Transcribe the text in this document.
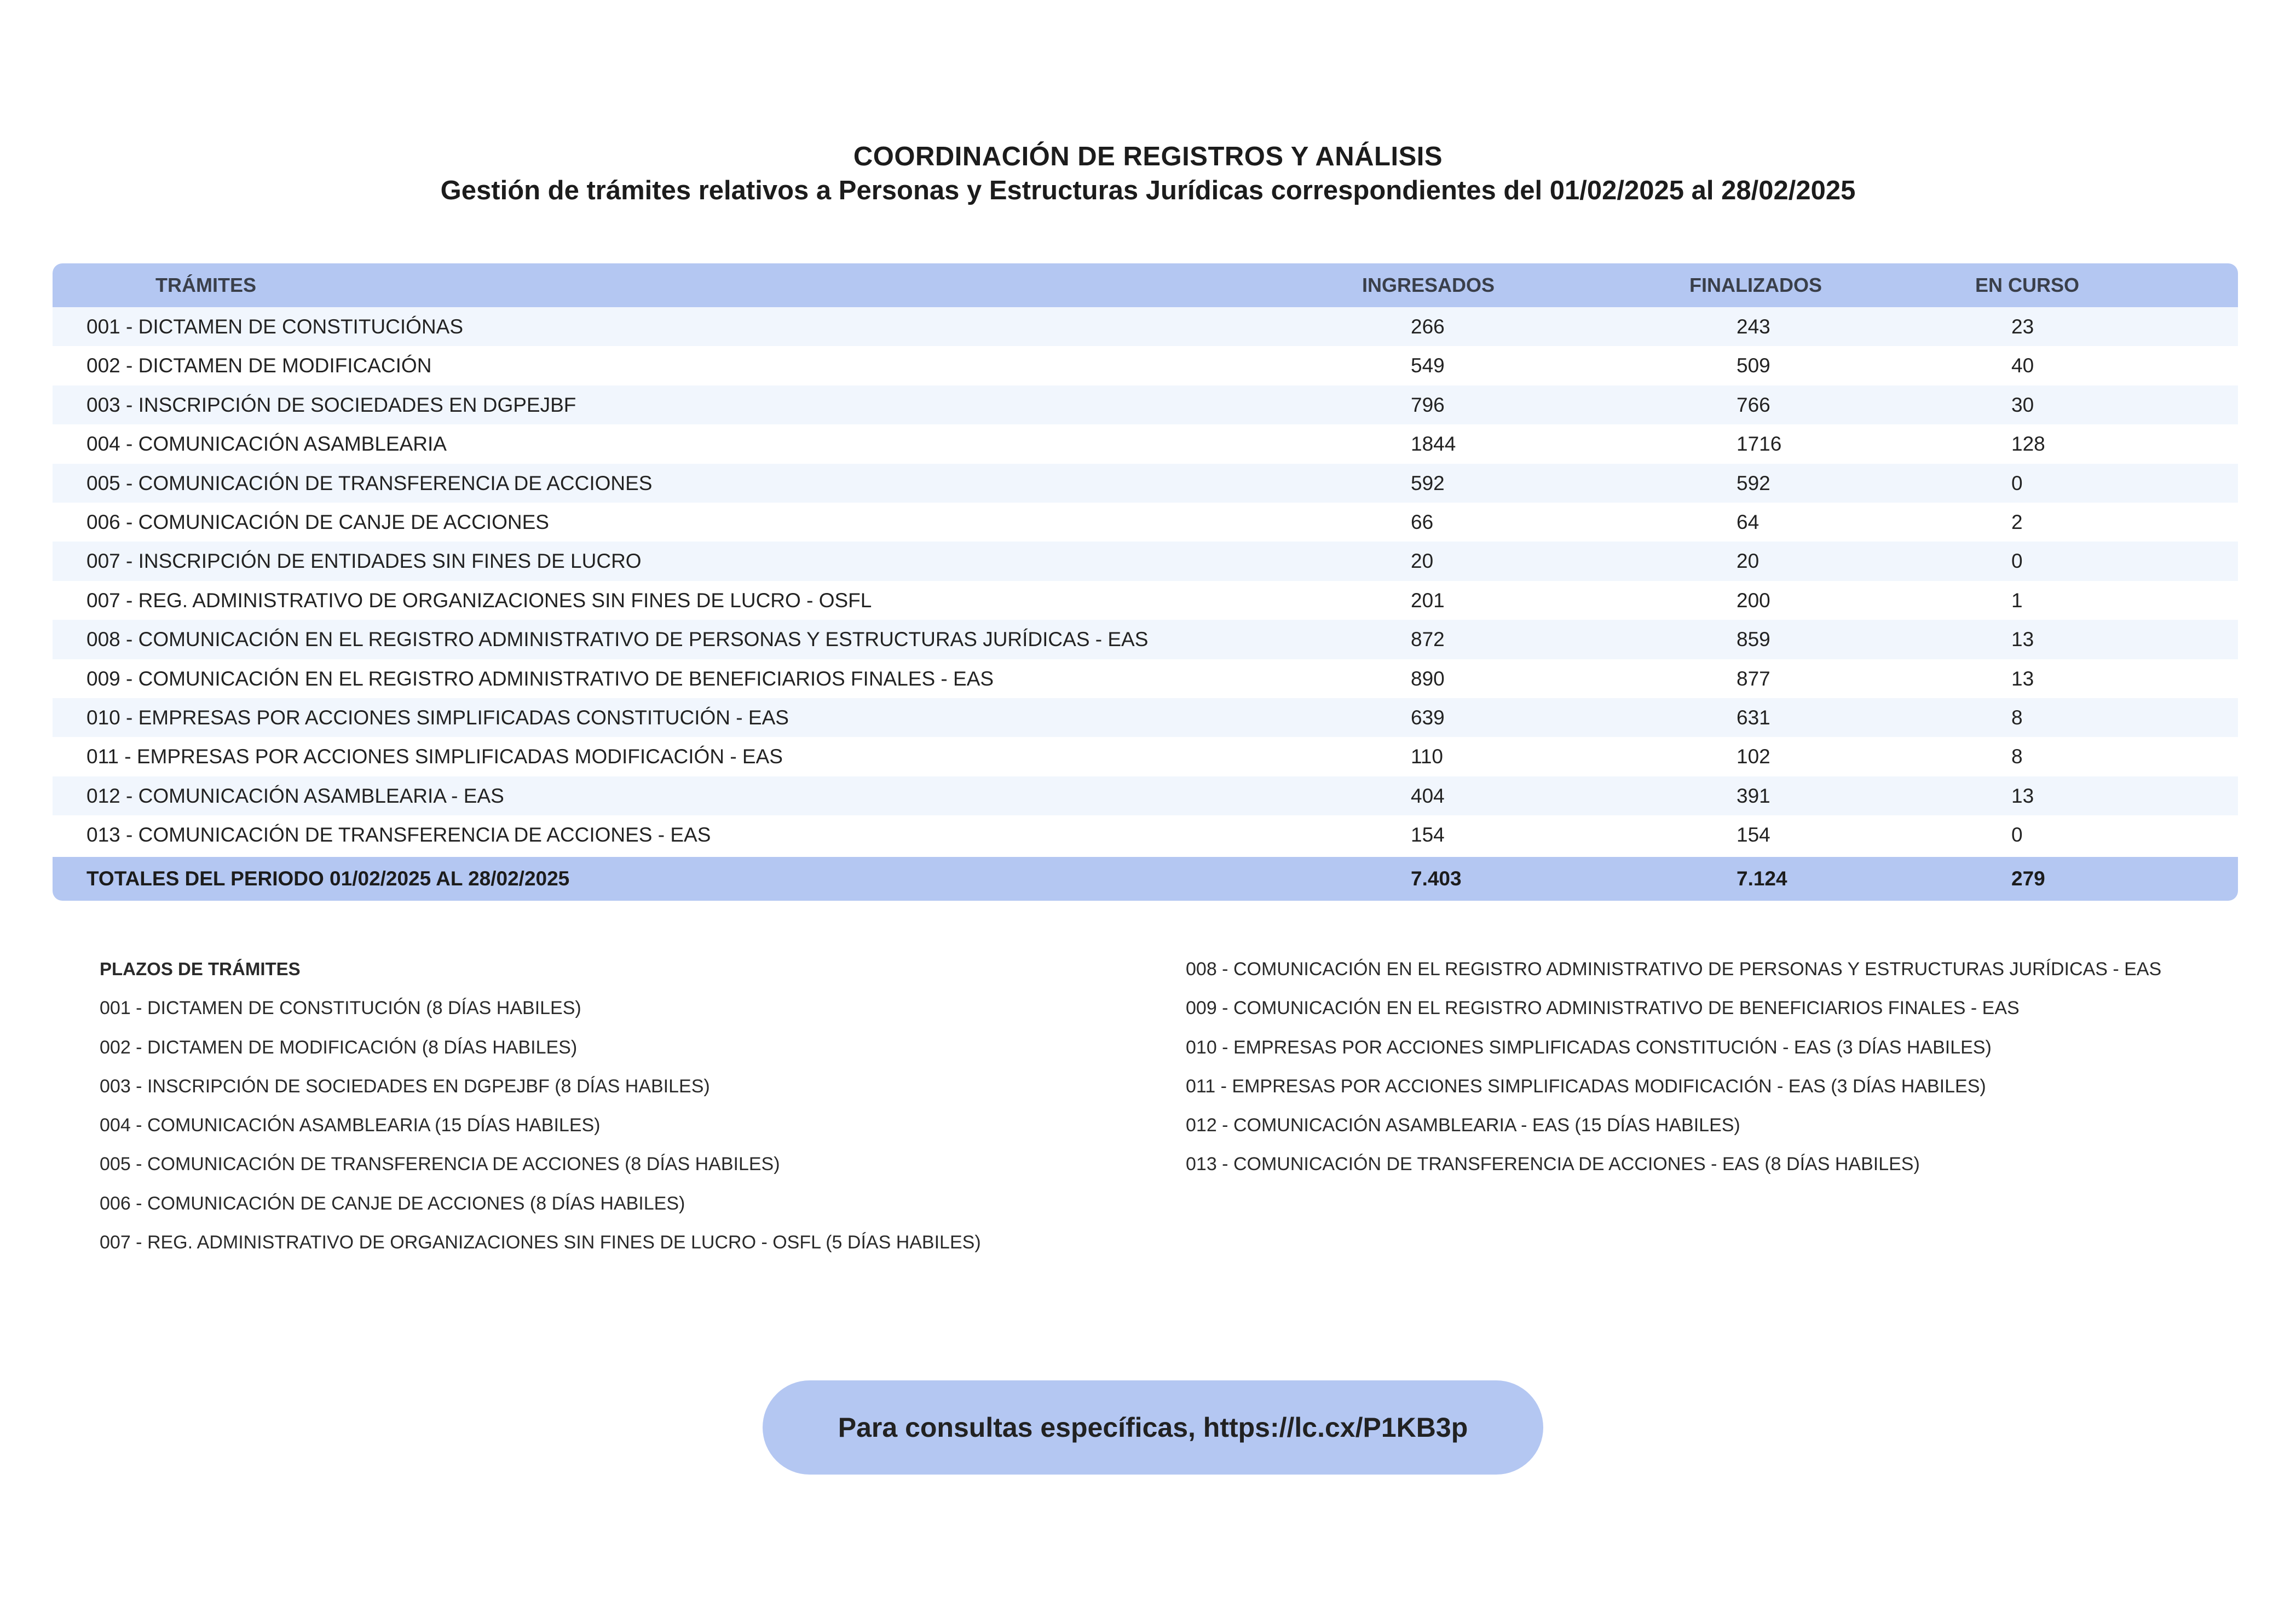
COORDINACIÓN DE REGISTROS Y ANÁLISIS
Gestión de trámites relativos a Personas y Estructuras Jurídicas correspondientes del 01/02/2025 al 28/02/2025
TRÁMITES	INGRESADOS	FINALIZADOS	EN CURSO
001 - DICTAMEN DE CONSTITUCIÓNAS	266	243	23
002 - DICTAMEN DE MODIFICACIÓN	549	509	40
003 - INSCRIPCIÓN DE SOCIEDADES EN DGPEJBF	796	766	30
004 - COMUNICACIÓN ASAMBLEARIA	1844	1716	128
005 - COMUNICACIÓN DE TRANSFERENCIA DE ACCIONES	592	592	0
006 - COMUNICACIÓN DE CANJE DE ACCIONES	66	64	2
007 - INSCRIPCIÓN DE ENTIDADES SIN FINES DE LUCRO	20	20	0
007 - REG. ADMINISTRATIVO DE ORGANIZACIONES SIN FINES DE LUCRO - OSFL	201	200	1
008 - COMUNICACIÓN EN EL REGISTRO ADMINISTRATIVO DE PERSONAS Y ESTRUCTURAS JURÍDICAS - EAS	872	859	13
009 - COMUNICACIÓN EN EL REGISTRO ADMINISTRATIVO DE BENEFICIARIOS FINALES - EAS	890	877	13
010 - EMPRESAS POR ACCIONES SIMPLIFICADAS CONSTITUCIÓN - EAS	639	631	8
011 - EMPRESAS POR ACCIONES SIMPLIFICADAS MODIFICACIÓN - EAS	110	102	8
012 - COMUNICACIÓN ASAMBLEARIA - EAS	404	391	13
013 - COMUNICACIÓN DE TRANSFERENCIA DE ACCIONES - EAS	154	154	0
TOTALES DEL PERIODO 01/02/2025 AL 28/02/2025	7.403	7.124	279
PLAZOS DE TRÁMITES
001 - DICTAMEN DE CONSTITUCIÓN (8 DÍAS HABILES)
002 - DICTAMEN DE MODIFICACIÓN (8 DÍAS HABILES)
003 - INSCRIPCIÓN DE SOCIEDADES EN DGPEJBF (8 DÍAS HABILES)
004 - COMUNICACIÓN ASAMBLEARIA (15 DÍAS HABILES)
005 - COMUNICACIÓN DE TRANSFERENCIA DE ACCIONES (8 DÍAS HABILES)
006 - COMUNICACIÓN DE CANJE DE ACCIONES (8 DÍAS HABILES)
007 - REG. ADMINISTRATIVO DE ORGANIZACIONES SIN FINES DE LUCRO - OSFL (5 DÍAS HABILES)
008 - COMUNICACIÓN EN EL REGISTRO ADMINISTRATIVO DE PERSONAS Y ESTRUCTURAS JURÍDICAS - EAS
009 - COMUNICACIÓN EN EL REGISTRO ADMINISTRATIVO DE BENEFICIARIOS FINALES - EAS
010 - EMPRESAS POR ACCIONES SIMPLIFICADAS CONSTITUCIÓN - EAS (3 DÍAS HABILES)
011 - EMPRESAS POR ACCIONES SIMPLIFICADAS MODIFICACIÓN - EAS (3 DÍAS HABILES)
012 - COMUNICACIÓN ASAMBLEARIA - EAS (15 DÍAS HABILES)
013 - COMUNICACIÓN DE TRANSFERENCIA DE ACCIONES - EAS (8 DÍAS HABILES)
Para consultas específicas, https://lc.cx/P1KB3p
